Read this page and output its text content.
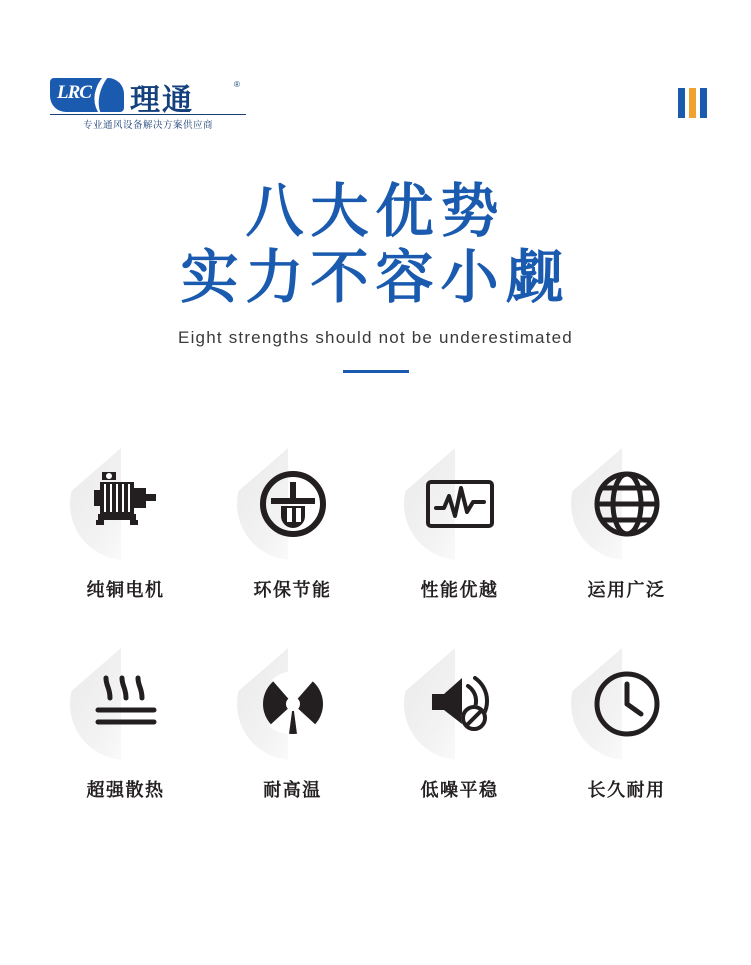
LRC 理通	®
专业通风设备解决方案供应商
八大优势
实力不容小觑
Eight strengths should not be underestimated
纯铜电机	环保节能	性能优越	运用广泛
超强散热	耐高温	低噪平稳	长久耐用
